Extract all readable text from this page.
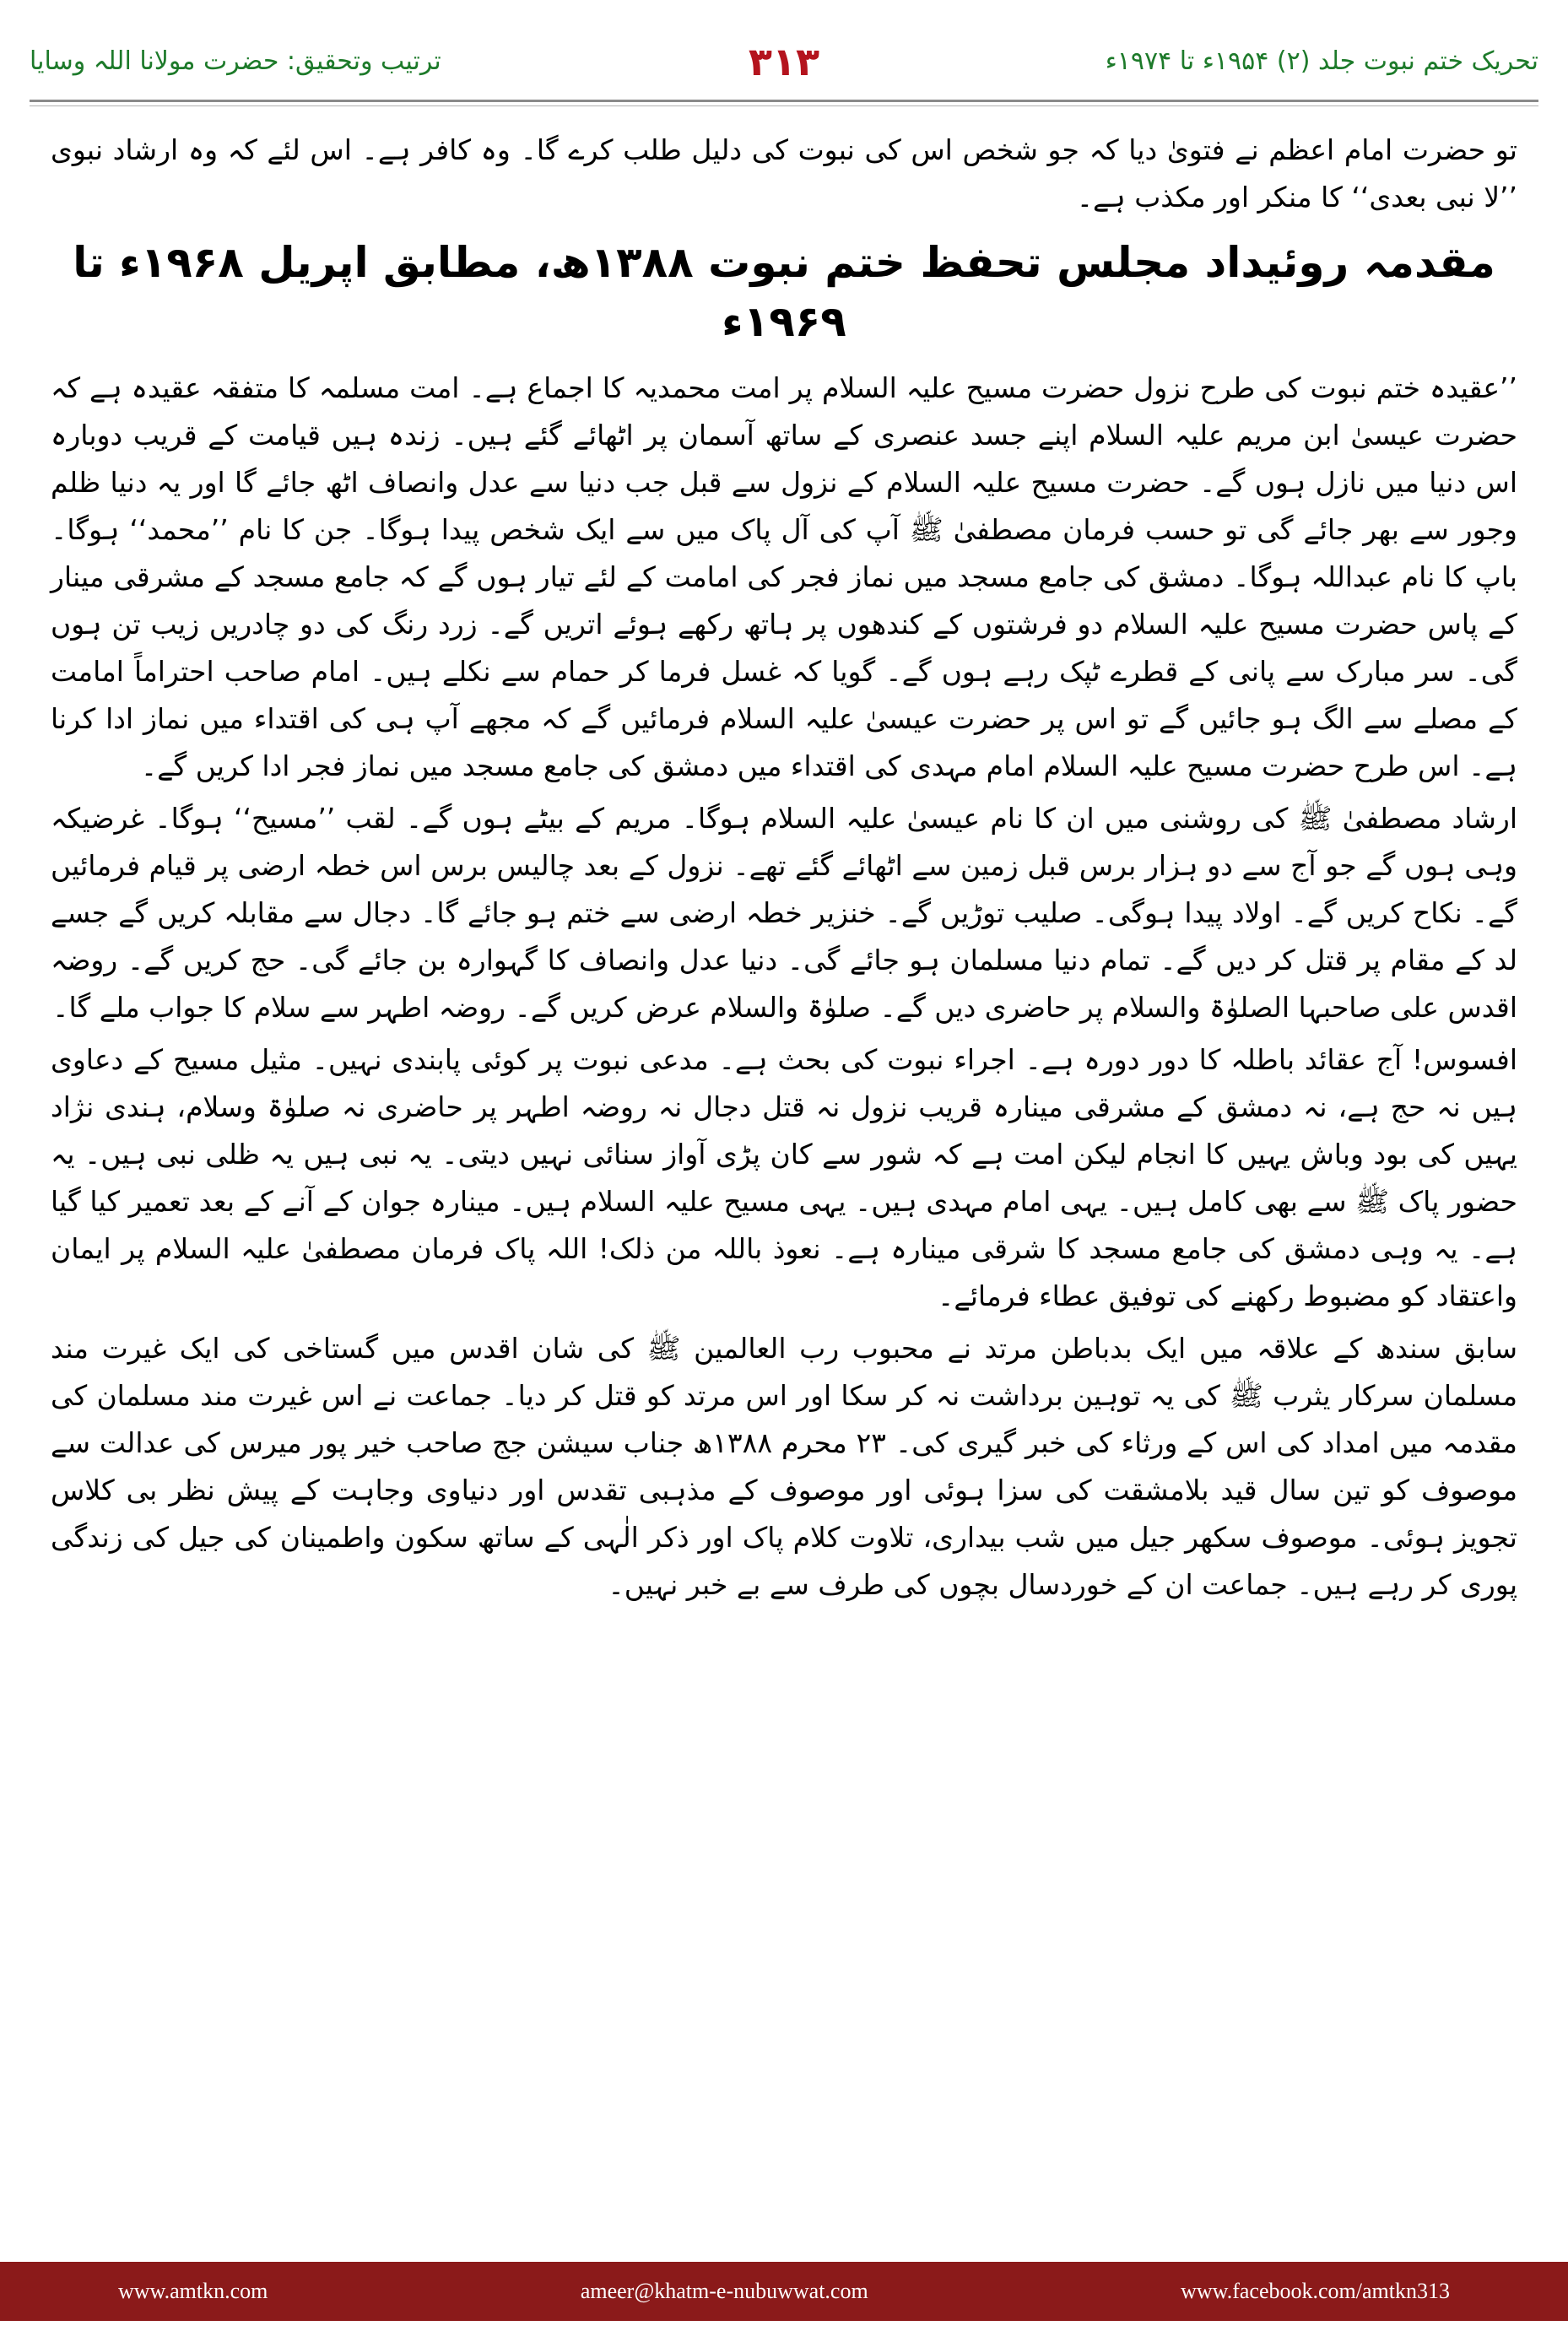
تحریک ختم نبوت جلد (۲) ۱۹۵۴ء تا ۱۹۷۴ء
۳۱۳
ترتیب وتحقیق: حضرت مولانا اللہ وسایا

تو حضرت امام اعظم نے فتویٰ دیا کہ جو شخص اس کی نبوت کی دلیل طلب کرے گا۔ وہ کافر ہے۔ اس لئے کہ وہ ارشاد نبوی ’’لا نبی بعدی‘‘ کا منکر اور مکذب ہے۔

مقدمہ روئیداد مجلس تحفظ ختم نبوت ۱۳۸۸ھ، مطابق اپریل ۱۹۶۸ء تا ۱۹۶۹ء

’’عقیدہ ختم نبوت کی طرح نزول حضرت مسیح علیہ السلام پر امت محمدیہ کا اجماع ہے۔ امت مسلمہ کا متفقہ عقیدہ ہے کہ حضرت عیسیٰ ابن مریم علیہ السلام اپنے جسد عنصری کے ساتھ آسمان پر اٹھائے گئے ہیں۔ زندہ ہیں قیامت کے قریب دوبارہ اس دنیا میں نازل ہوں گے۔ حضرت مسیح علیہ السلام کے نزول سے قبل جب دنیا سے عدل وانصاف اٹھ جائے گا اور یہ دنیا ظلم وجور سے بھر جائے گی تو حسب فرمان مصطفیٰ ﷺ آپ کی آل پاک میں سے ایک شخص پیدا ہوگا۔ جن کا نام ’’محمد‘‘ ہوگا۔ باپ کا نام عبداللہ ہوگا۔ دمشق کی جامع مسجد میں نماز فجر کی امامت کے لئے تیار ہوں گے کہ جامع مسجد کے مشرقی مینار کے پاس حضرت مسیح علیہ السلام دو فرشتوں کے کندھوں پر ہاتھ رکھے ہوئے اتریں گے۔ زرد رنگ کی دو چادریں زیب تن ہوں گی۔ سر مبارک سے پانی کے قطرے ٹپک رہے ہوں گے۔ گویا کہ غسل فرما کر حمام سے نکلے ہیں۔ امام صاحب احتراماً امامت کے مصلے سے الگ ہو جائیں گے تو اس پر حضرت عیسیٰ علیہ السلام فرمائیں گے کہ مجھے آپ ہی کی اقتداء میں نماز ادا کرنا ہے۔ اس طرح حضرت مسیح علیہ السلام امام مہدی کی اقتداء میں دمشق کی جامع مسجد میں نماز فجر ادا کریں گے۔

ارشاد مصطفیٰ ﷺ کی روشنی میں ان کا نام عیسیٰ علیہ السلام ہوگا۔ مریم کے بیٹے ہوں گے۔ لقب ’’مسیح‘‘ ہوگا۔ غرضیکہ وہی ہوں گے جو آج سے دو ہزار برس قبل زمین سے اٹھائے گئے تھے۔ نزول کے بعد چالیس برس اس خطہ ارضی پر قیام فرمائیں گے۔ نکاح کریں گے۔ اولاد پیدا ہوگی۔ صلیب توڑیں گے۔ خنزیر خطہ ارضی سے ختم ہو جائے گا۔ دجال سے مقابلہ کریں گے جسے لد کے مقام پر قتل کر دیں گے۔ تمام دنیا مسلمان ہو جائے گی۔ دنیا عدل وانصاف کا گہوارہ بن جائے گی۔ حج کریں گے۔ روضہ اقدس علی صاحبہا الصلوٰۃ والسلام پر حاضری دیں گے۔ صلوٰۃ والسلام عرض کریں گے۔ روضہ اطہر سے سلام کا جواب ملے گا۔

افسوس! آج عقائد باطلہ کا دور دورہ ہے۔ اجراء نبوت کی بحث ہے۔ مدعی نبوت پر کوئی پابندی نہیں۔ مثیل مسیح کے دعاوی ہیں نہ حج ہے، نہ دمشق کے مشرقی مینارہ قریب نزول نہ قتل دجال نہ روضہ اطہر پر حاضری نہ صلوٰۃ وسلام، ہندی نژاد یہیں کی بود وباش یہیں کا انجام لیکن امت ہے کہ شور سے کان پڑی آواز سنائی نہیں دیتی۔ یہ نبی ہیں یہ ظلی نبی ہیں۔ یہ حضور پاک ﷺ سے بھی کامل ہیں۔ یہی امام مہدی ہیں۔ یہی مسیح علیہ السلام ہیں۔ مینارہ جوان کے آنے کے بعد تعمیر کیا گیا ہے۔ یہ وہی دمشق کی جامع مسجد کا شرقی مینارہ ہے۔ نعوذ باللہ من ذلک! اللہ پاک فرمان مصطفیٰ علیہ السلام پر ایمان واعتقاد کو مضبوط رکھنے کی توفیق عطاء فرمائے۔

سابق سندھ کے علاقہ میں ایک بدباطن مرتد نے محبوب رب العالمین ﷺ کی شان اقدس میں گستاخی کی ایک غیرت مند مسلمان سرکار یثرب ﷺ کی یہ توہین برداشت نہ کر سکا اور اس مرتد کو قتل کر دیا۔ جماعت نے اس غیرت مند مسلمان کی مقدمہ میں امداد کی اس کے ورثاء کی خبر گیری کی۔ ۲۳ محرم ۱۳۸۸ھ جناب سیشن جج صاحب خیر پور میرس کی عدالت سے موصوف کو تین سال قید بلامشقت کی سزا ہوئی اور موصوف کے مذہبی تقدس اور دنیاوی وجاہت کے پیش نظر بی کلاس تجویز ہوئی۔ موصوف سکھر جیل میں شب بیداری، تلاوت کلام پاک اور ذکر الٰہی کے ساتھ سکون واطمینان کی جیل کی زندگی پوری کر رہے ہیں۔ جماعت ان کے خوردسال بچوں کی طرف سے بے خبر نہیں۔

www.amtkn.com	ameer@khatm-e-nubuwwat.com	www.facebook.com/amtkn313
